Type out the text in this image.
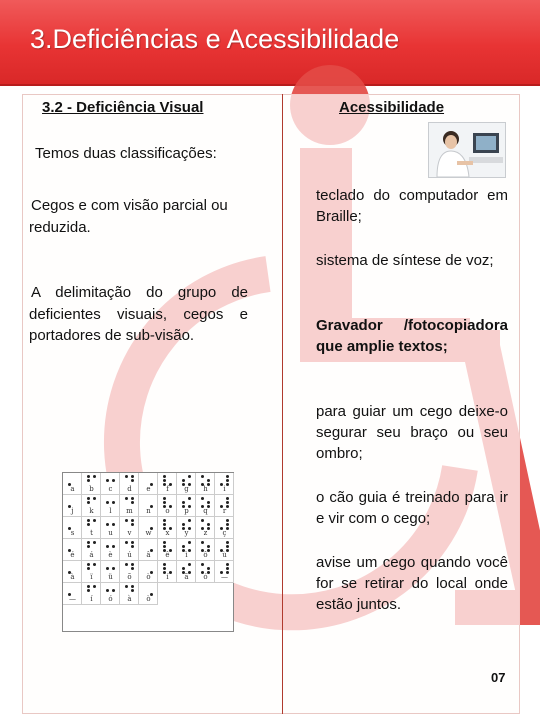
3.Deficiências e Acessibilidade
3.2 - Deficiência Visual	Acessibilidade
Temos duas classificações:
Cegos e com visão parcial ou reduzida.
A delimitação do grupo de deficientes visuais, cegos e portadores de sub-visão.
a	b	c	d	e	f	g	h	i
j	k	l	m	n	o	p	q	r
s	t	u	v	w	x	y	z	ç
é	á	è	ú	â	ê	ì	ô	ù
à	ï	ü	õ	ò	í	ã	ó	—
—	í	ó	à	ò
teclado do computador em Braille;
sistema de síntese de voz;
Gravador /fotocopiadora que amplie textos;
para guiar um cego deixe-o segurar seu braço ou seu ombro;
o cão guia é treinado para ir e vir com o cego;
avise um cego quando você for se retirar do local onde estão juntos.
07
